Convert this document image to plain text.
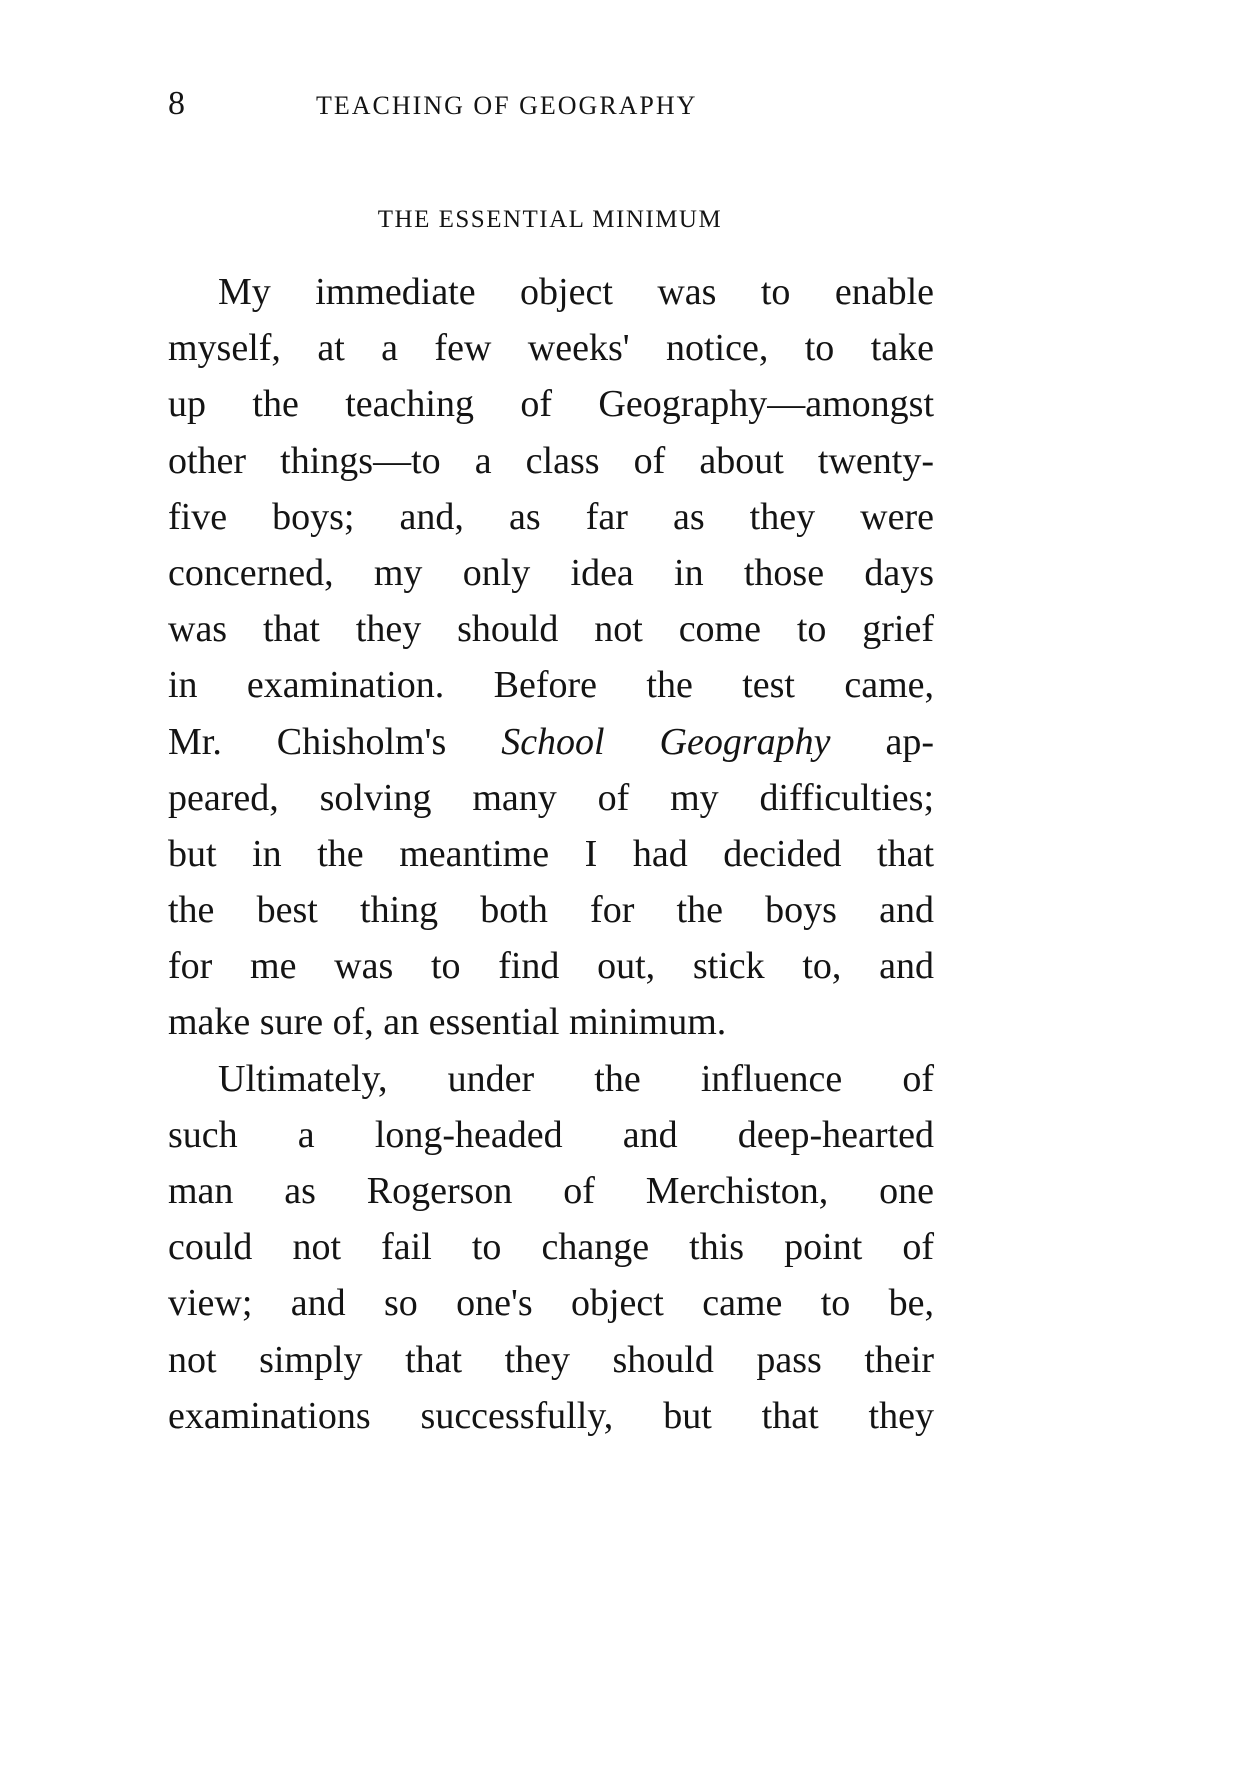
8	TEACHING OF GEOGRAPHY
THE ESSENTIAL MINIMUM
My immediate object was to enable
myself, at a few weeks' notice, to take
up the teaching of Geography—amongst
other things—to a class of about twenty-
five boys; and, as far as they were
concerned, my only idea in those days
was that they should not come to grief
in examination. Before the test came,
Mr. Chisholm's School Geography ap-
peared, solving many of my difficulties;
but in the meantime I had decided that
the best thing both for the boys and
for me was to find out, stick to, and
make sure of, an essential minimum.
Ultimately, under the influence of
such a long-headed and deep-hearted
man as Rogerson of Merchiston, one
could not fail to change this point of
view; and so one's object came to be,
not simply that they should pass their
examinations successfully, but that they
